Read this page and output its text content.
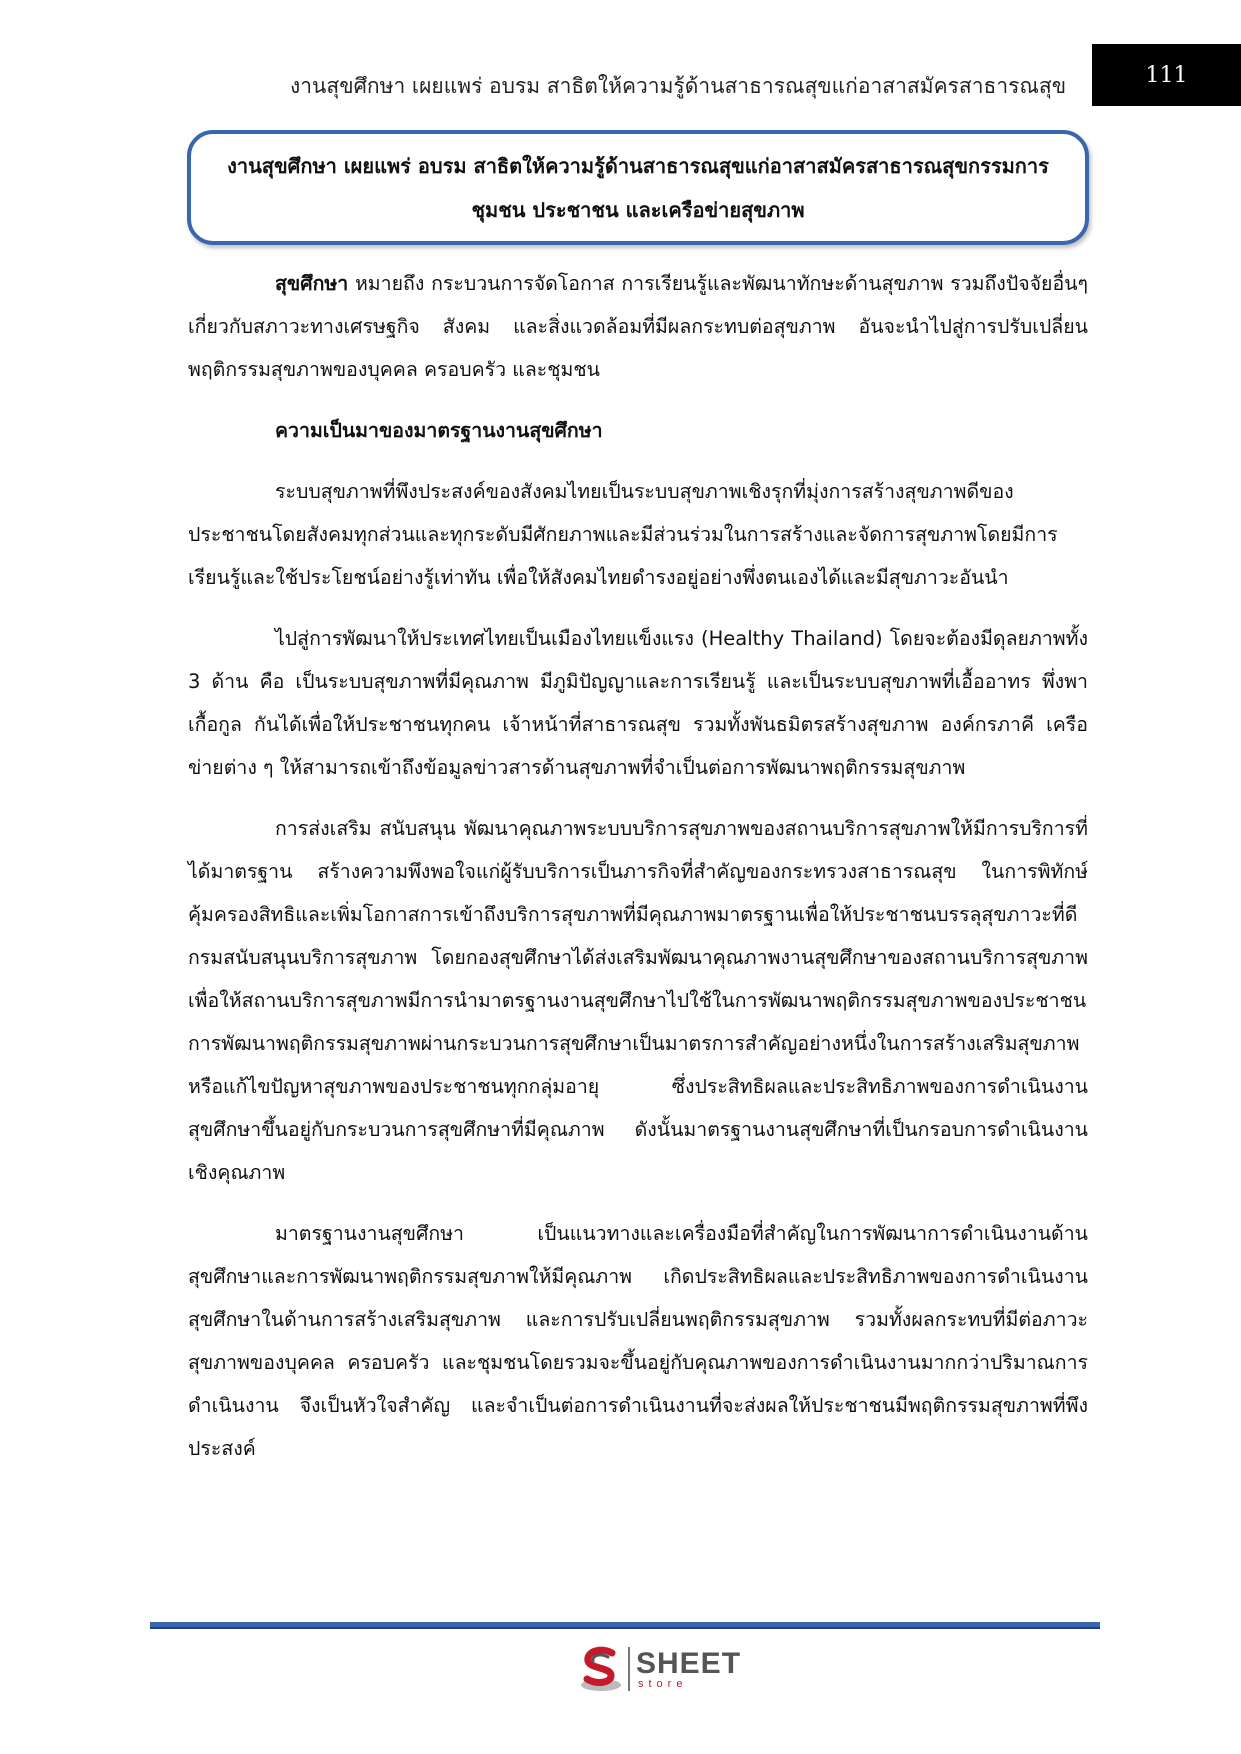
งานสุขศึกษา เผยแพร่ อบรม สาธิตให้ความรู้ด้านสาธารณสุขแก่อาสาสมัครสาธารณสุข	111
งานสุขศึกษา เผยแพร่ อบรม สาธิตให้ความรู้ด้านสาธารณสุขแก่อาสาสมัครสาธารณสุขกรรมการ
ชุมชน ประชาชน และเครือข่ายสุขภาพ

สุขศึกษา หมายถึง กระบวนการจัดโอกาส การเรียนรู้และพัฒนาทักษะด้านสุขภาพ รวมถึงปัจจัยอื่นๆ เกี่ยวกับสภาวะทางเศรษฐกิจ สังคม และสิ่งแวดล้อมที่มีผลกระทบต่อสุขภาพ อันจะนำไปสู่การปรับเปลี่ยนพฤติกรรมสุขภาพของบุคคล ครอบครัว และชุมชน

ความเป็นมาของมาตรฐานงานสุขศึกษา

ระบบสุขภาพที่พึงประสงค์ของสังคมไทยเป็นระบบสุขภาพเชิงรุกที่มุ่งการสร้างสุขภาพดีของประชาชนโดยสังคมทุกส่วนและทุกระดับมีศักยภาพและมีส่วนร่วมในการสร้างและจัดการสุขภาพโดยมีการเรียนรู้และใช้ประโยชน์อย่างรู้เท่าทัน เพื่อให้สังคมไทยดำรงอยู่อย่างพึ่งตนเองได้และมีสุขภาวะอันนำ

ไปสู่การพัฒนาให้ประเทศไทยเป็นเมืองไทยแข็งแรง (Healthy Thailand) โดยจะต้องมีดุลยภาพทั้ง 3 ด้าน คือ เป็นระบบสุขภาพที่มีคุณภาพ มีภูมิปัญญาและการเรียนรู้ และเป็นระบบสุขภาพที่เอื้ออาทร พึ่งพาเกื้อกูล กันได้เพื่อให้ประชาชนทุกคน เจ้าหน้าที่สาธารณสุข รวมทั้งพันธมิตรสร้างสุขภาพ องค์กรภาคี เครือข่ายต่าง ๆ ให้สามารถเข้าถึงข้อมูลข่าวสารด้านสุขภาพที่จำเป็นต่อการพัฒนาพฤติกรรมสุขภาพ

การส่งเสริม สนับสนุน พัฒนาคุณภาพระบบบริการสุขภาพของสถานบริการสุขภาพให้มีการบริการที่ได้มาตรฐาน สร้างความพึงพอใจแก่ผู้รับบริการเป็นภารกิจที่สำคัญของกระทรวงสาธารณสุข ในการพิทักษ์ คุ้มครองสิทธิและเพิ่มโอกาสการเข้าถึงบริการสุขภาพที่มีคุณภาพมาตรฐานเพื่อให้ประชาชนบรรลุสุขภาวะที่ดี กรมสนับสนุนบริการสุขภาพ โดยกองสุขศึกษาได้ส่งเสริมพัฒนาคุณภาพงานสุขศึกษาของสถานบริการสุขภาพ เพื่อให้สถานบริการสุขภาพมีการนำมาตรฐานงานสุขศึกษาไปใช้ในการพัฒนาพฤติกรรมสุขภาพของประชาชน การพัฒนาพฤติกรรมสุขภาพผ่านกระบวนการสุขศึกษาเป็นมาตรการสำคัญอย่างหนึ่งในการสร้างเสริมสุขภาพหรือแก้ไขปัญหาสุขภาพของประชาชนทุกกลุ่มอายุ ซึ่งประสิทธิผลและประสิทธิภาพของการดำเนินงานสุขศึกษาขึ้นอยู่กับกระบวนการสุขศึกษาที่มีคุณภาพ ดังนั้นมาตรฐานงานสุขศึกษาที่เป็นกรอบการดำเนินงานเชิงคุณภาพ

มาตรฐานงานสุขศึกษา เป็นแนวทางและเครื่องมือที่สำคัญในการพัฒนาการดำเนินงานด้านสุขศึกษาและการพัฒนาพฤติกรรมสุขภาพให้มีคุณภาพ เกิดประสิทธิผลและประสิทธิภาพของการดำเนินงานสุขศึกษาในด้านการสร้างเสริมสุขภาพ และการปรับเปลี่ยนพฤติกรรมสุขภาพ รวมทั้งผลกระทบที่มีต่อภาวะสุขภาพของบุคคล ครอบครัว และชุมชนโดยรวมจะขึ้นอยู่กับคุณภาพของการดำเนินงานมากกว่าปริมาณการดำเนินงาน จึงเป็นหัวใจสำคัญ และจำเป็นต่อการดำเนินงานที่จะส่งผลให้ประชาชนมีพฤติกรรมสุขภาพที่พึงประสงค์

SHEET
store
